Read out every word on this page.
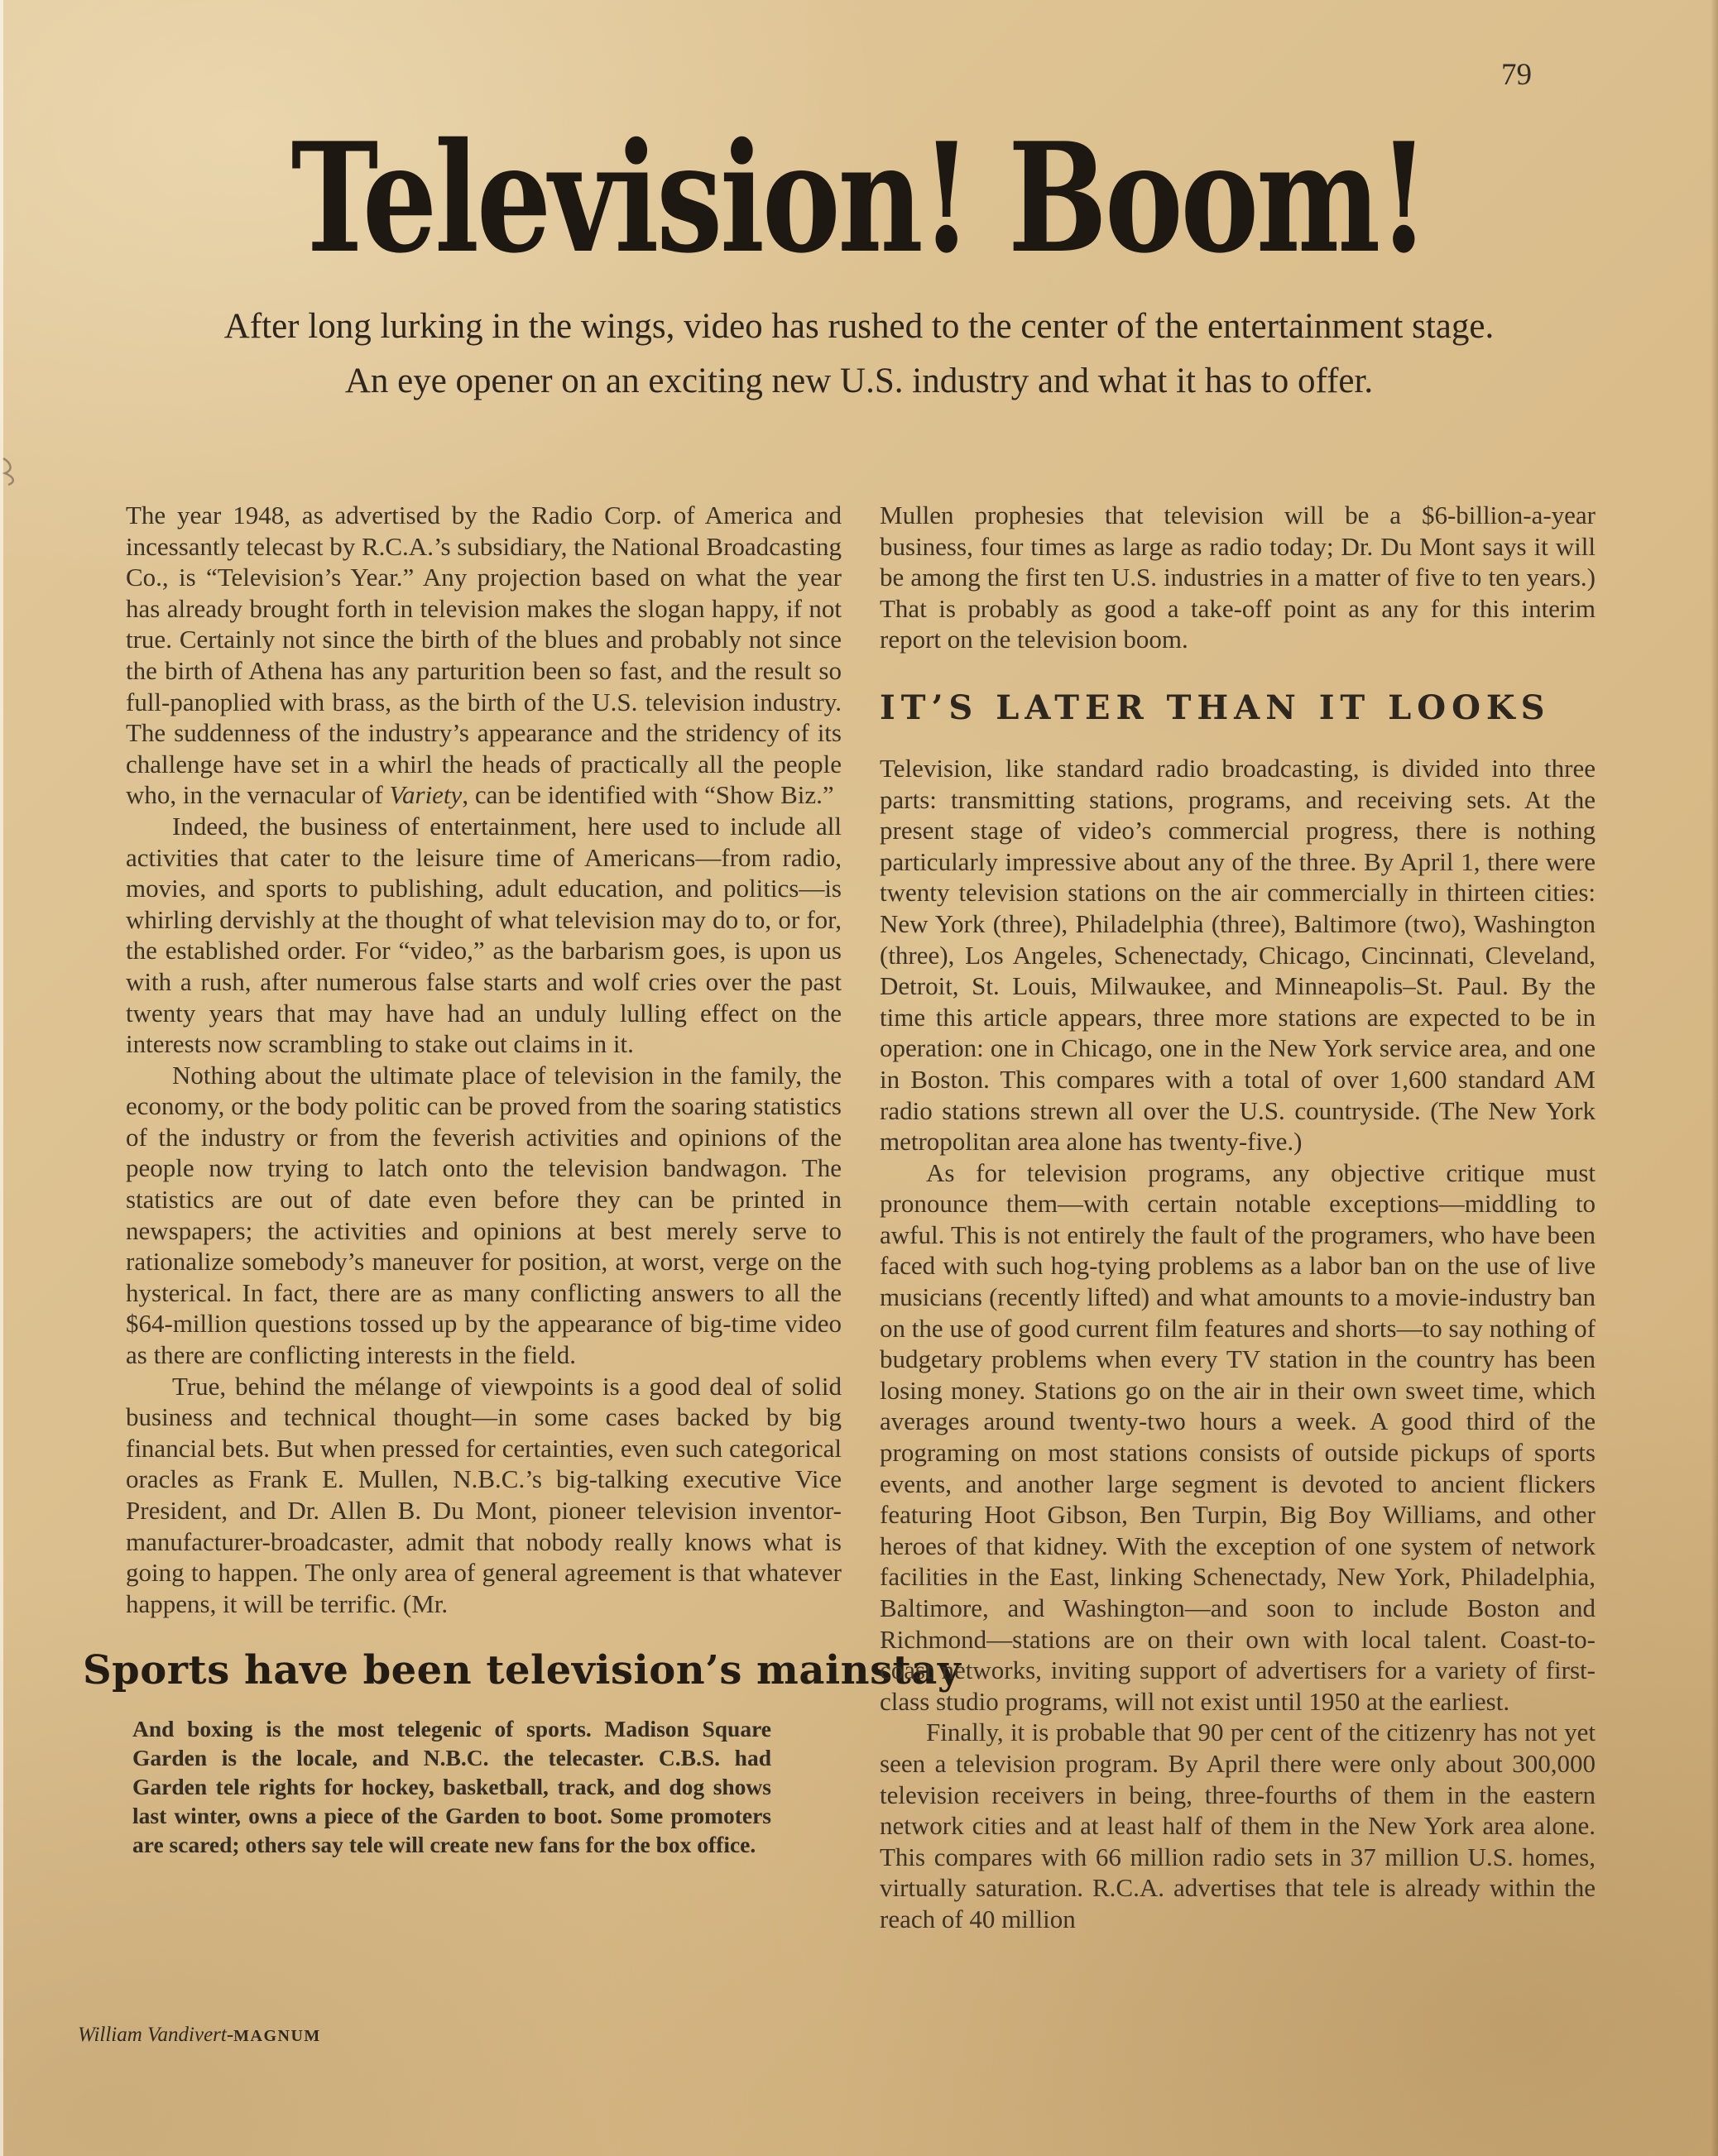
79
Television! Boom!
After long lurking in the wings, video has rushed to the center of the entertainment stage.
An eye opener on an exciting new U.S. industry and what it has to offer.

The year 1948, as advertised by the Radio Corp. of America and incessantly telecast by R.C.A.’s subsidiary, the National Broadcasting Co., is “Television’s Year.” Any projection based on what the year has already brought forth in television makes the slogan happy, if not true. Certainly not since the birth of the blues and probably not since the birth of Athena has any parturition been so fast, and the result so full-panoplied with brass, as the birth of the U.S. television industry. The suddenness of the industry’s appearance and the stridency of its challenge have set in a whirl the heads of practically all the people who, in the vernacular of Variety, can be identified with “Show Biz.”

Indeed, the business of entertainment, here used to include all activities that cater to the leisure time of Americans—from radio, movies, and sports to publishing, adult education, and politics—is whirling dervishly at the thought of what television may do to, or for, the established order. For “video,” as the barbarism goes, is upon us with a rush, after numerous false starts and wolf cries over the past twenty years that may have had an unduly lulling effect on the interests now scrambling to stake out claims in it.

Nothing about the ultimate place of television in the family, the economy, or the body politic can be proved from the soaring statistics of the industry or from the feverish activities and opinions of the people now trying to latch onto the television bandwagon. The statistics are out of date even before they can be printed in newspapers; the activities and opinions at best merely serve to rationalize somebody’s maneuver for position, at worst, verge on the hysterical. In fact, there are as many conflicting answers to all the $64-million questions tossed up by the appearance of big-time video as there are conflicting interests in the field.

True, behind the mélange of viewpoints is a good deal of solid business and technical thought—in some cases backed by big financial bets. But when pressed for certainties, even such categorical oracles as Frank E. Mullen, N.B.C.’s big-talking executive Vice President, and Dr. Allen B. Du Mont, pioneer television inventor-manufacturer-broadcaster, admit that nobody really knows what is going to happen. The only area of general agreement is that whatever happens, it will be terrific. (Mr.

Sports have been television’s mainstay

And boxing is the most telegenic of sports. Madison Square Garden is the locale, and N.B.C. the telecaster. C.B.S. had Garden tele rights for hockey, basketball, track, and dog shows last winter, owns a piece of the Garden to boot. Some promoters are scared; others say tele will create new fans for the box office.

Mullen prophesies that television will be a $6-billion-a-year business, four times as large as radio today; Dr. Du Mont says it will be among the first ten U.S. industries in a matter of five to ten years.) That is probably as good a take-off point as any for this interim report on the television boom.

IT’S LATER THAN IT LOOKS

Television, like standard radio broadcasting, is divided into three parts: transmitting stations, programs, and receiving sets. At the present stage of video’s commercial progress, there is nothing particularly impressive about any of the three. By April 1, there were twenty television stations on the air commercially in thirteen cities: New York (three), Philadelphia (three), Baltimore (two), Washington (three), Los Angeles, Schenectady, Chicago, Cincinnati, Cleveland, Detroit, St. Louis, Milwaukee, and Minneapolis–St. Paul. By the time this article appears, three more stations are expected to be in operation: one in Chicago, one in the New York service area, and one in Boston. This compares with a total of over 1,600 standard AM radio stations strewn all over the U.S. countryside. (The New York metropolitan area alone has twenty-five.)

As for television programs, any objective critique must pronounce them—with certain notable exceptions—middling to awful. This is not entirely the fault of the programers, who have been faced with such hog-tying problems as a labor ban on the use of live musicians (recently lifted) and what amounts to a movie-industry ban on the use of good current film features and shorts—to say nothing of budgetary problems when every TV station in the country has been losing money. Stations go on the air in their own sweet time, which averages around twenty-two hours a week. A good third of the programing on most stations consists of outside pickups of sports events, and another large segment is devoted to ancient flickers featuring Hoot Gibson, Ben Turpin, Big Boy Williams, and other heroes of that kidney. With the exception of one system of network facilities in the East, linking Schenectady, New York, Philadelphia, Baltimore, and Washington—and soon to include Boston and Richmond—stations are on their own with local talent. Coast-to-coast networks, inviting support of advertisers for a variety of first-class studio programs, will not exist until 1950 at the earliest.

Finally, it is probable that 90 per cent of the citizenry has not yet seen a television program. By April there were only about 300,000 television receivers in being, three-fourths of them in the eastern network cities and at least half of them in the New York area alone. This compares with 66 million radio sets in 37 million U.S. homes, virtually saturation. R.C.A. advertises that tele is already within the reach of 40 million

William Vandivert-MAGNUM
